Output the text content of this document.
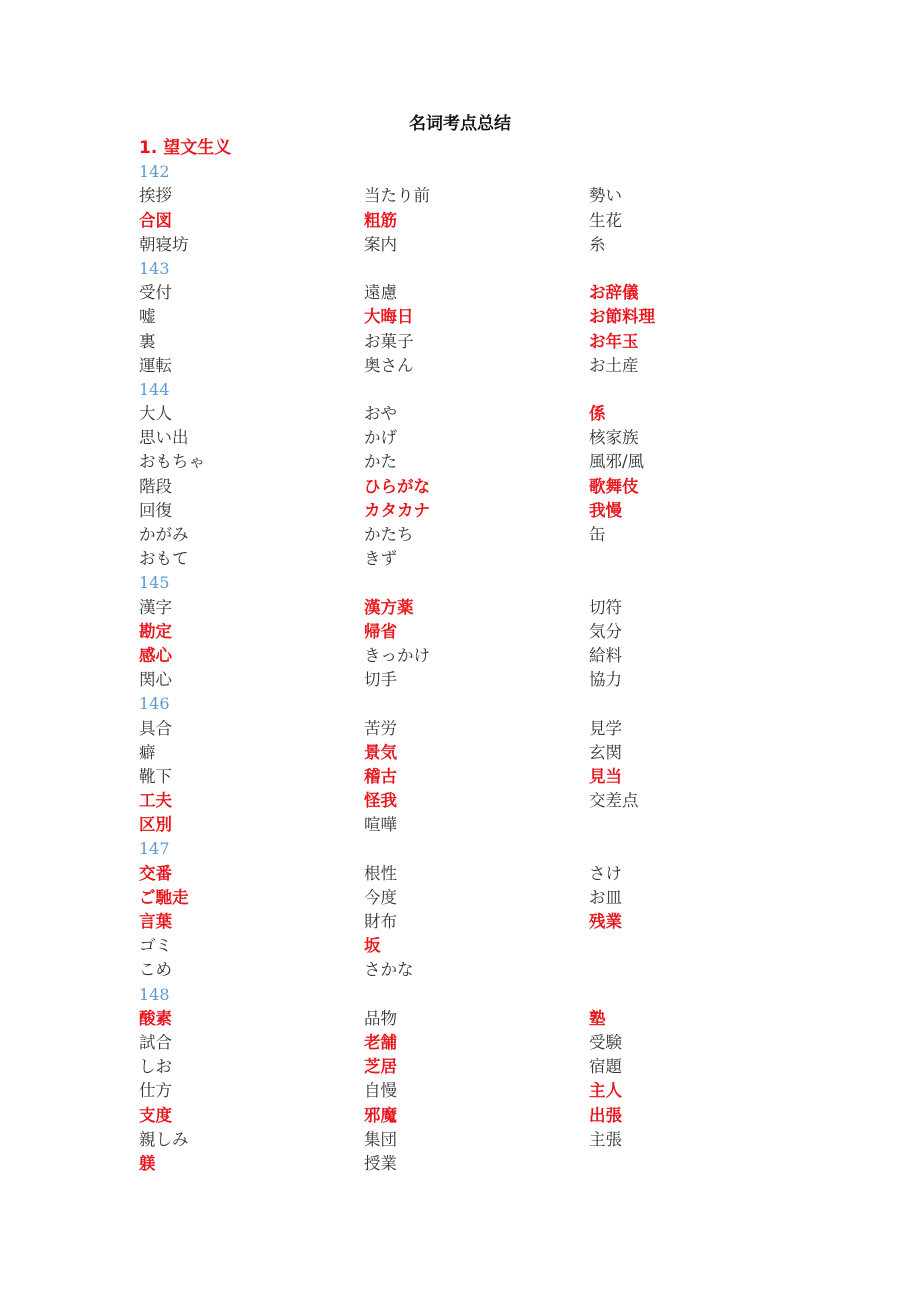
名词考点总结
1. 望文生义
142
挨拶	当たり前	勢い
合図	粗筋	生花
朝寝坊	案内	糸
143
受付	遠慮	お辞儀
嘘	大晦日	お節料理
裏	お菓子	お年玉
運転	奥さん	お土産
144
大人	おや	係
思い出	かげ	核家族
おもちゃ	かた	風邪/風
階段	ひらがな	歌舞伎
回復	カタカナ	我慢
かがみ	かたち	缶
おもて	きず
145
漢字	漢方薬	切符
勘定	帰省	気分
感心	きっかけ	給料
関心	切手	協力
146
具合	苦労	見学
癖	景気	玄関
靴下	稽古	見当
工夫	怪我	交差点
区別	喧嘩
147
交番	根性	さけ
ご馳走	今度	お皿
言葉	財布	残業
ゴミ	坂
こめ	さかな
148
酸素	品物	塾
試合	老舗	受験
しお	芝居	宿題
仕方	自慢	主人
支度	邪魔	出張
親しみ	集団	主張
躾	授業
